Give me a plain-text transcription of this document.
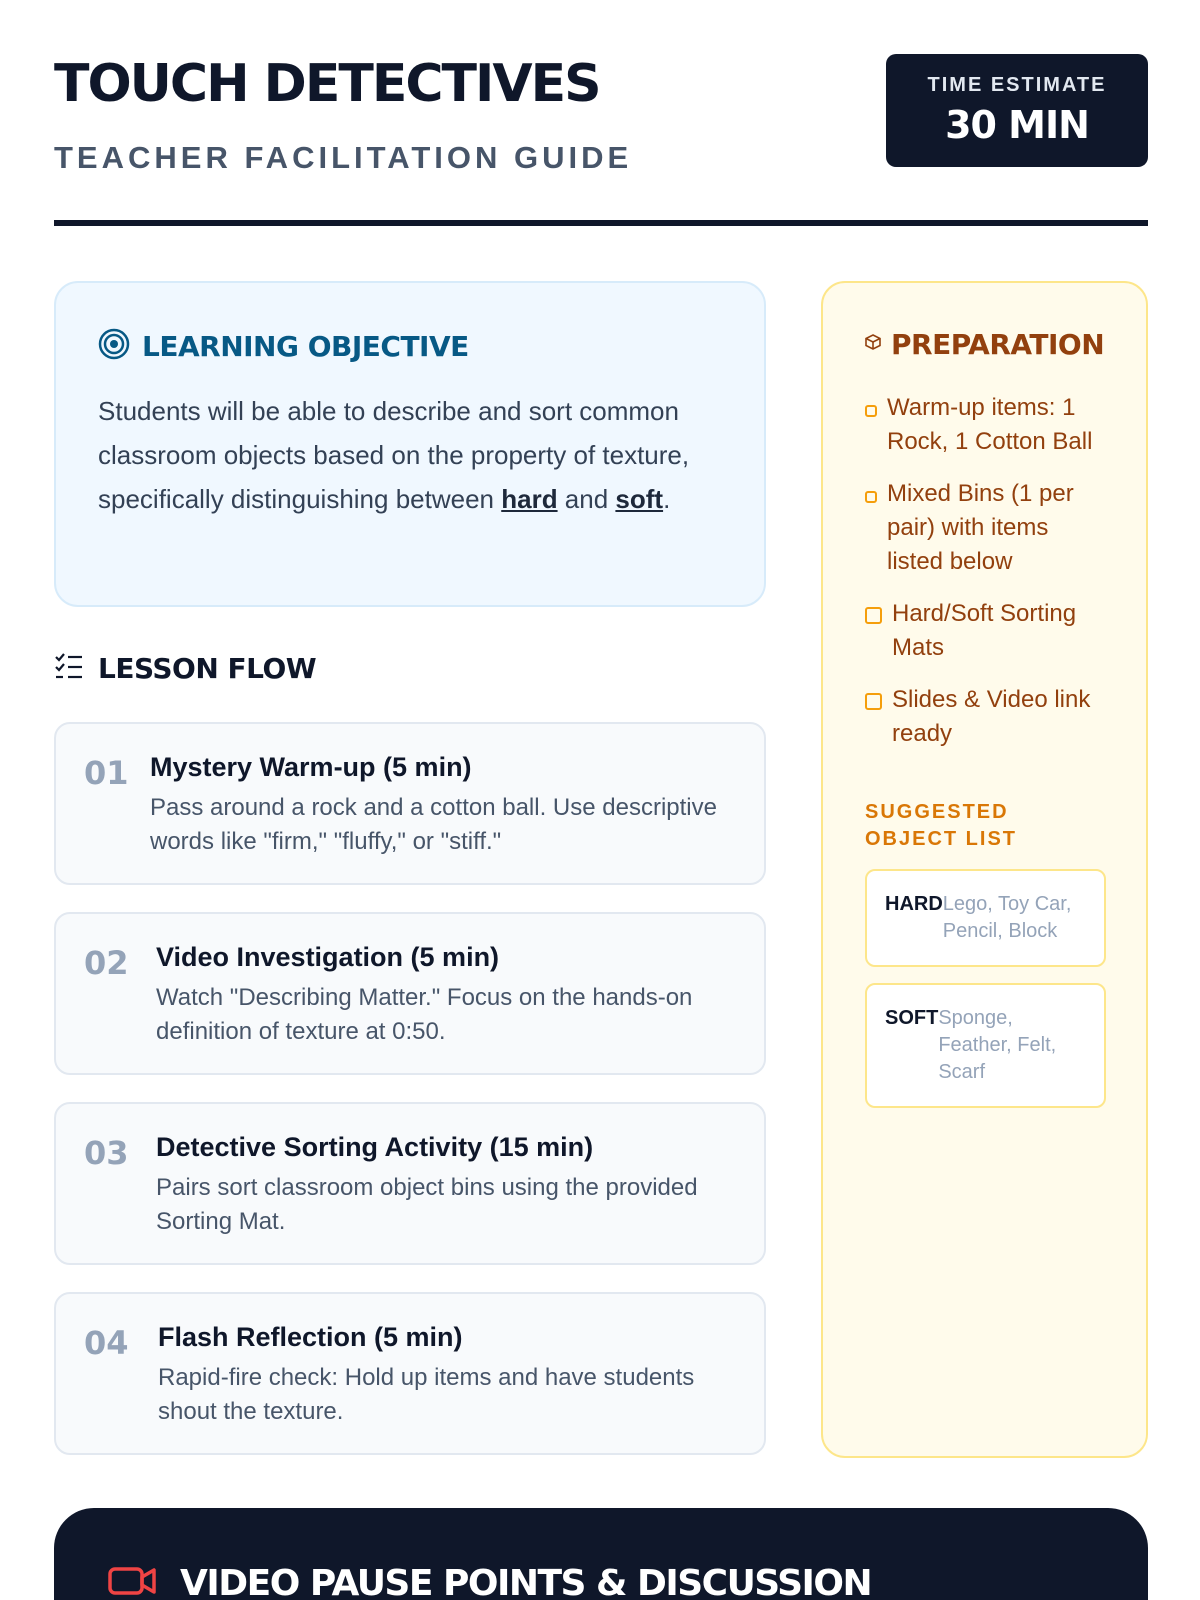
TOUCH DETECTIVES
TEACHER FACILITATION GUIDE
TIME ESTIMATE
30 MIN
LEARNING OBJECTIVE
Students will be able to describe and sort common classroom objects based on the property of texture, specifically distinguishing between hard and soft.
LESSON FLOW
01 Mystery Warm-up (5 min)
Pass around a rock and a cotton ball. Use descriptive words like "firm," "fluffy," or "stiff."
02 Video Investigation (5 min)
Watch "Describing Matter." Focus on the hands-on definition of texture at 0:50.
03 Detective Sorting Activity (15 min)
Pairs sort classroom object bins using the provided Sorting Mat.
04 Flash Reflection (5 min)
Rapid-fire check: Hold up items and have students shout the texture.
PREPARATION
Warm-up items: 1 Rock, 1 Cotton Ball
Mixed Bins (1 per pair) with items listed below
Hard/Soft Sorting Mats
Slides & Video link ready
SUGGESTED OBJECT LIST
HARD Lego, Toy Car, Pencil, Block
SOFT Sponge, Feather, Felt, Scarf
VIDEO PAUSE POINTS & DISCUSSION
